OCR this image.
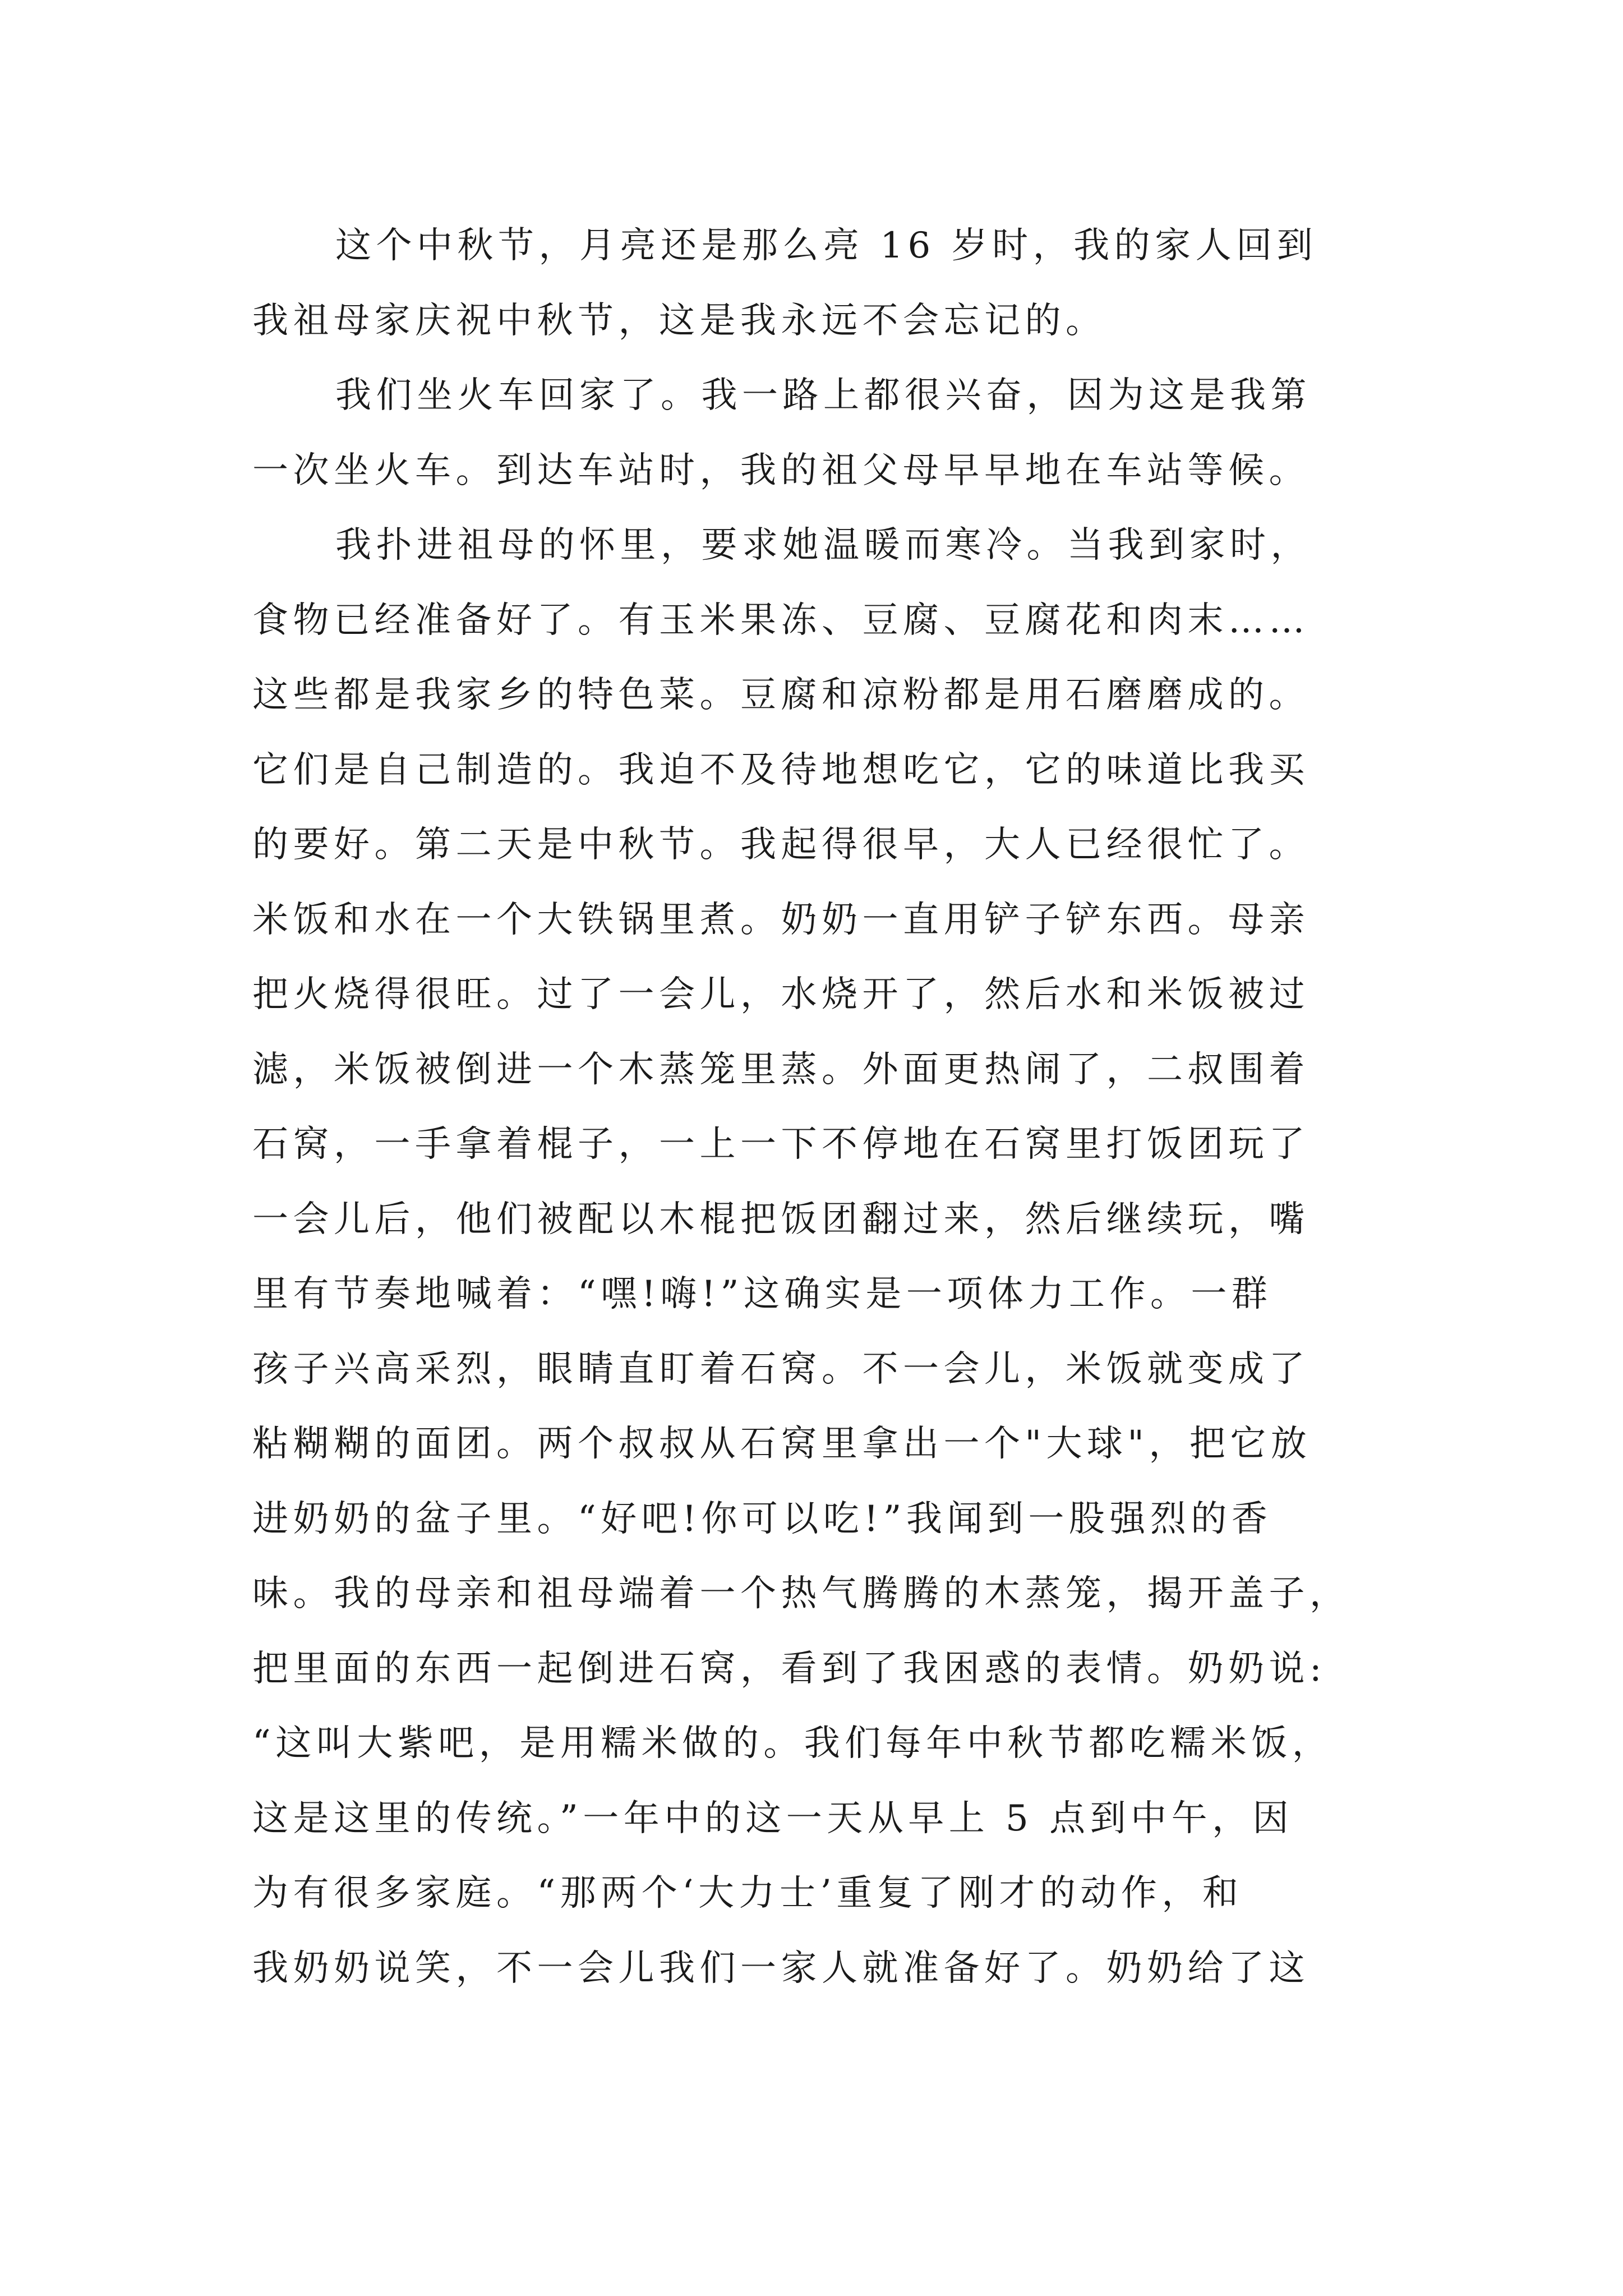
这个中秋节，月亮还是那么亮 16 岁时，我的家人回到
我祖母家庆祝中秋节，这是我永远不会忘记的。
我们坐火车回家了。我一路上都很兴奋，因为这是我第
一次坐火车。到达车站时，我的祖父母早早地在车站等候。
我扑进祖母的怀里，要求她温暖而寒冷。当我到家时，
食物已经准备好了。有玉米果冻、豆腐、豆腐花和肉末……
这些都是我家乡的特色菜。豆腐和凉粉都是用石磨磨成的。
它们是自己制造的。我迫不及待地想吃它，它的味道比我买
的要好。第二天是中秋节。我起得很早，大人已经很忙了。
米饭和水在一个大铁锅里煮。奶奶一直用铲子铲东西。母亲
把火烧得很旺。过了一会儿，水烧开了，然后水和米饭被过
滤，米饭被倒进一个木蒸笼里蒸。外面更热闹了，二叔围着
石窝，一手拿着棍子，一上一下不停地在石窝里打饭团玩了
一会儿后，他们被配以木棍把饭团翻过来，然后继续玩，嘴
里有节奏地喊着：“嘿!嗨!”这确实是一项体力工作。一群
孩子兴高采烈，眼睛直盯着石窝。不一会儿，米饭就变成了
粘糊糊的面团。两个叔叔从石窝里拿出一个"大球"，把它放
进奶奶的盆子里。“好吧!你可以吃!”我闻到一股强烈的香
味。我的母亲和祖母端着一个热气腾腾的木蒸笼，揭开盖子，
把里面的东西一起倒进石窝，看到了我困惑的表情。奶奶说:
“这叫大紫吧，是用糯米做的。我们每年中秋节都吃糯米饭，
这是这里的传统。”一年中的这一天从早上 5 点到中午，因
为有很多家庭。“那两个‘大力士’重复了刚才的动作，和
我奶奶说笑，不一会儿我们一家人就准备好了。奶奶给了这
